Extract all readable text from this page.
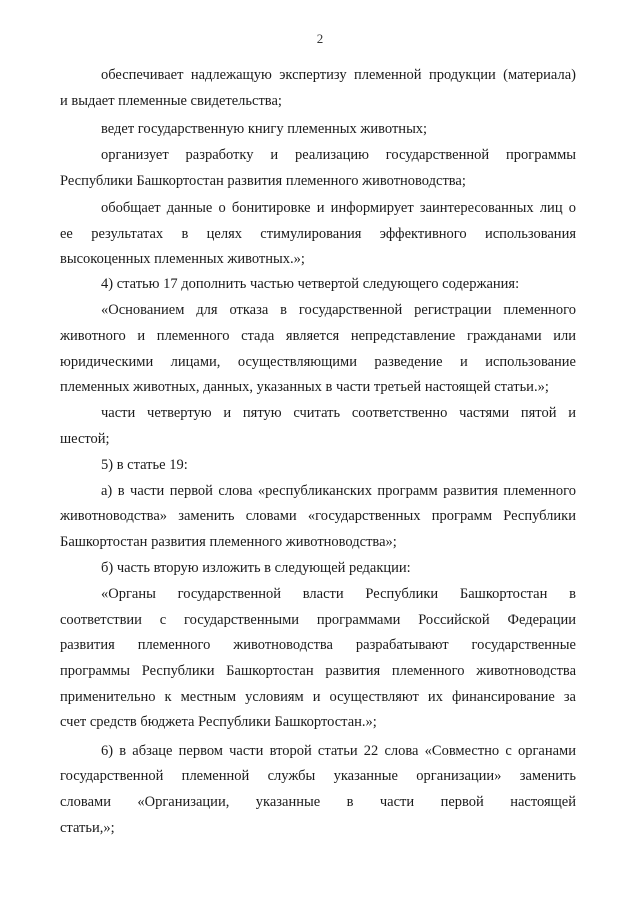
2
обеспечивает надлежащую экспертизу племенной продукции (материала)
и выдает племенные свидетельства;
ведет государственную книгу племенных животных;
организует разработку и реализацию государственной программы
Республики Башкортостан развития племенного животноводства;
обобщает данные о бонитировке и информирует заинтересованных лиц о
ее результатах в целях стимулирования эффективного использования
высокоценных племенных животных.»;
4) статью 17 дополнить частью четвертой следующего содержания:
«Основанием для отказа в государственной регистрации племенного
животного и племенного стада является непредставление гражданами или
юридическими лицами, осуществляющими разведение и использование
племенных животных, данных, указанных в части третьей настоящей статьи.»;
части четвертую и пятую считать соответственно частями пятой и
шестой;
5) в статье 19:
а) в части первой слова «республиканских программ развития племенного
животноводства» заменить словами «государственных программ Республики
Башкортостан развития племенного животноводства»;
б) часть вторую изложить в следующей редакции:
«Органы государственной власти Республики Башкортостан в
соответствии с государственными программами Российской Федерации
развития племенного животноводства разрабатывают государственные
программы Республики Башкортостан развития племенного животноводства
применительно к местным условиям и осуществляют их финансирование за
счет средств бюджета Республики Башкортостан.»;
6) в абзаце первом части второй статьи 22 слова «Совместно с органами
государственной племенной службы указанные организации» заменить
словами «Организации, указанные в части первой настоящей
статьи,»;
